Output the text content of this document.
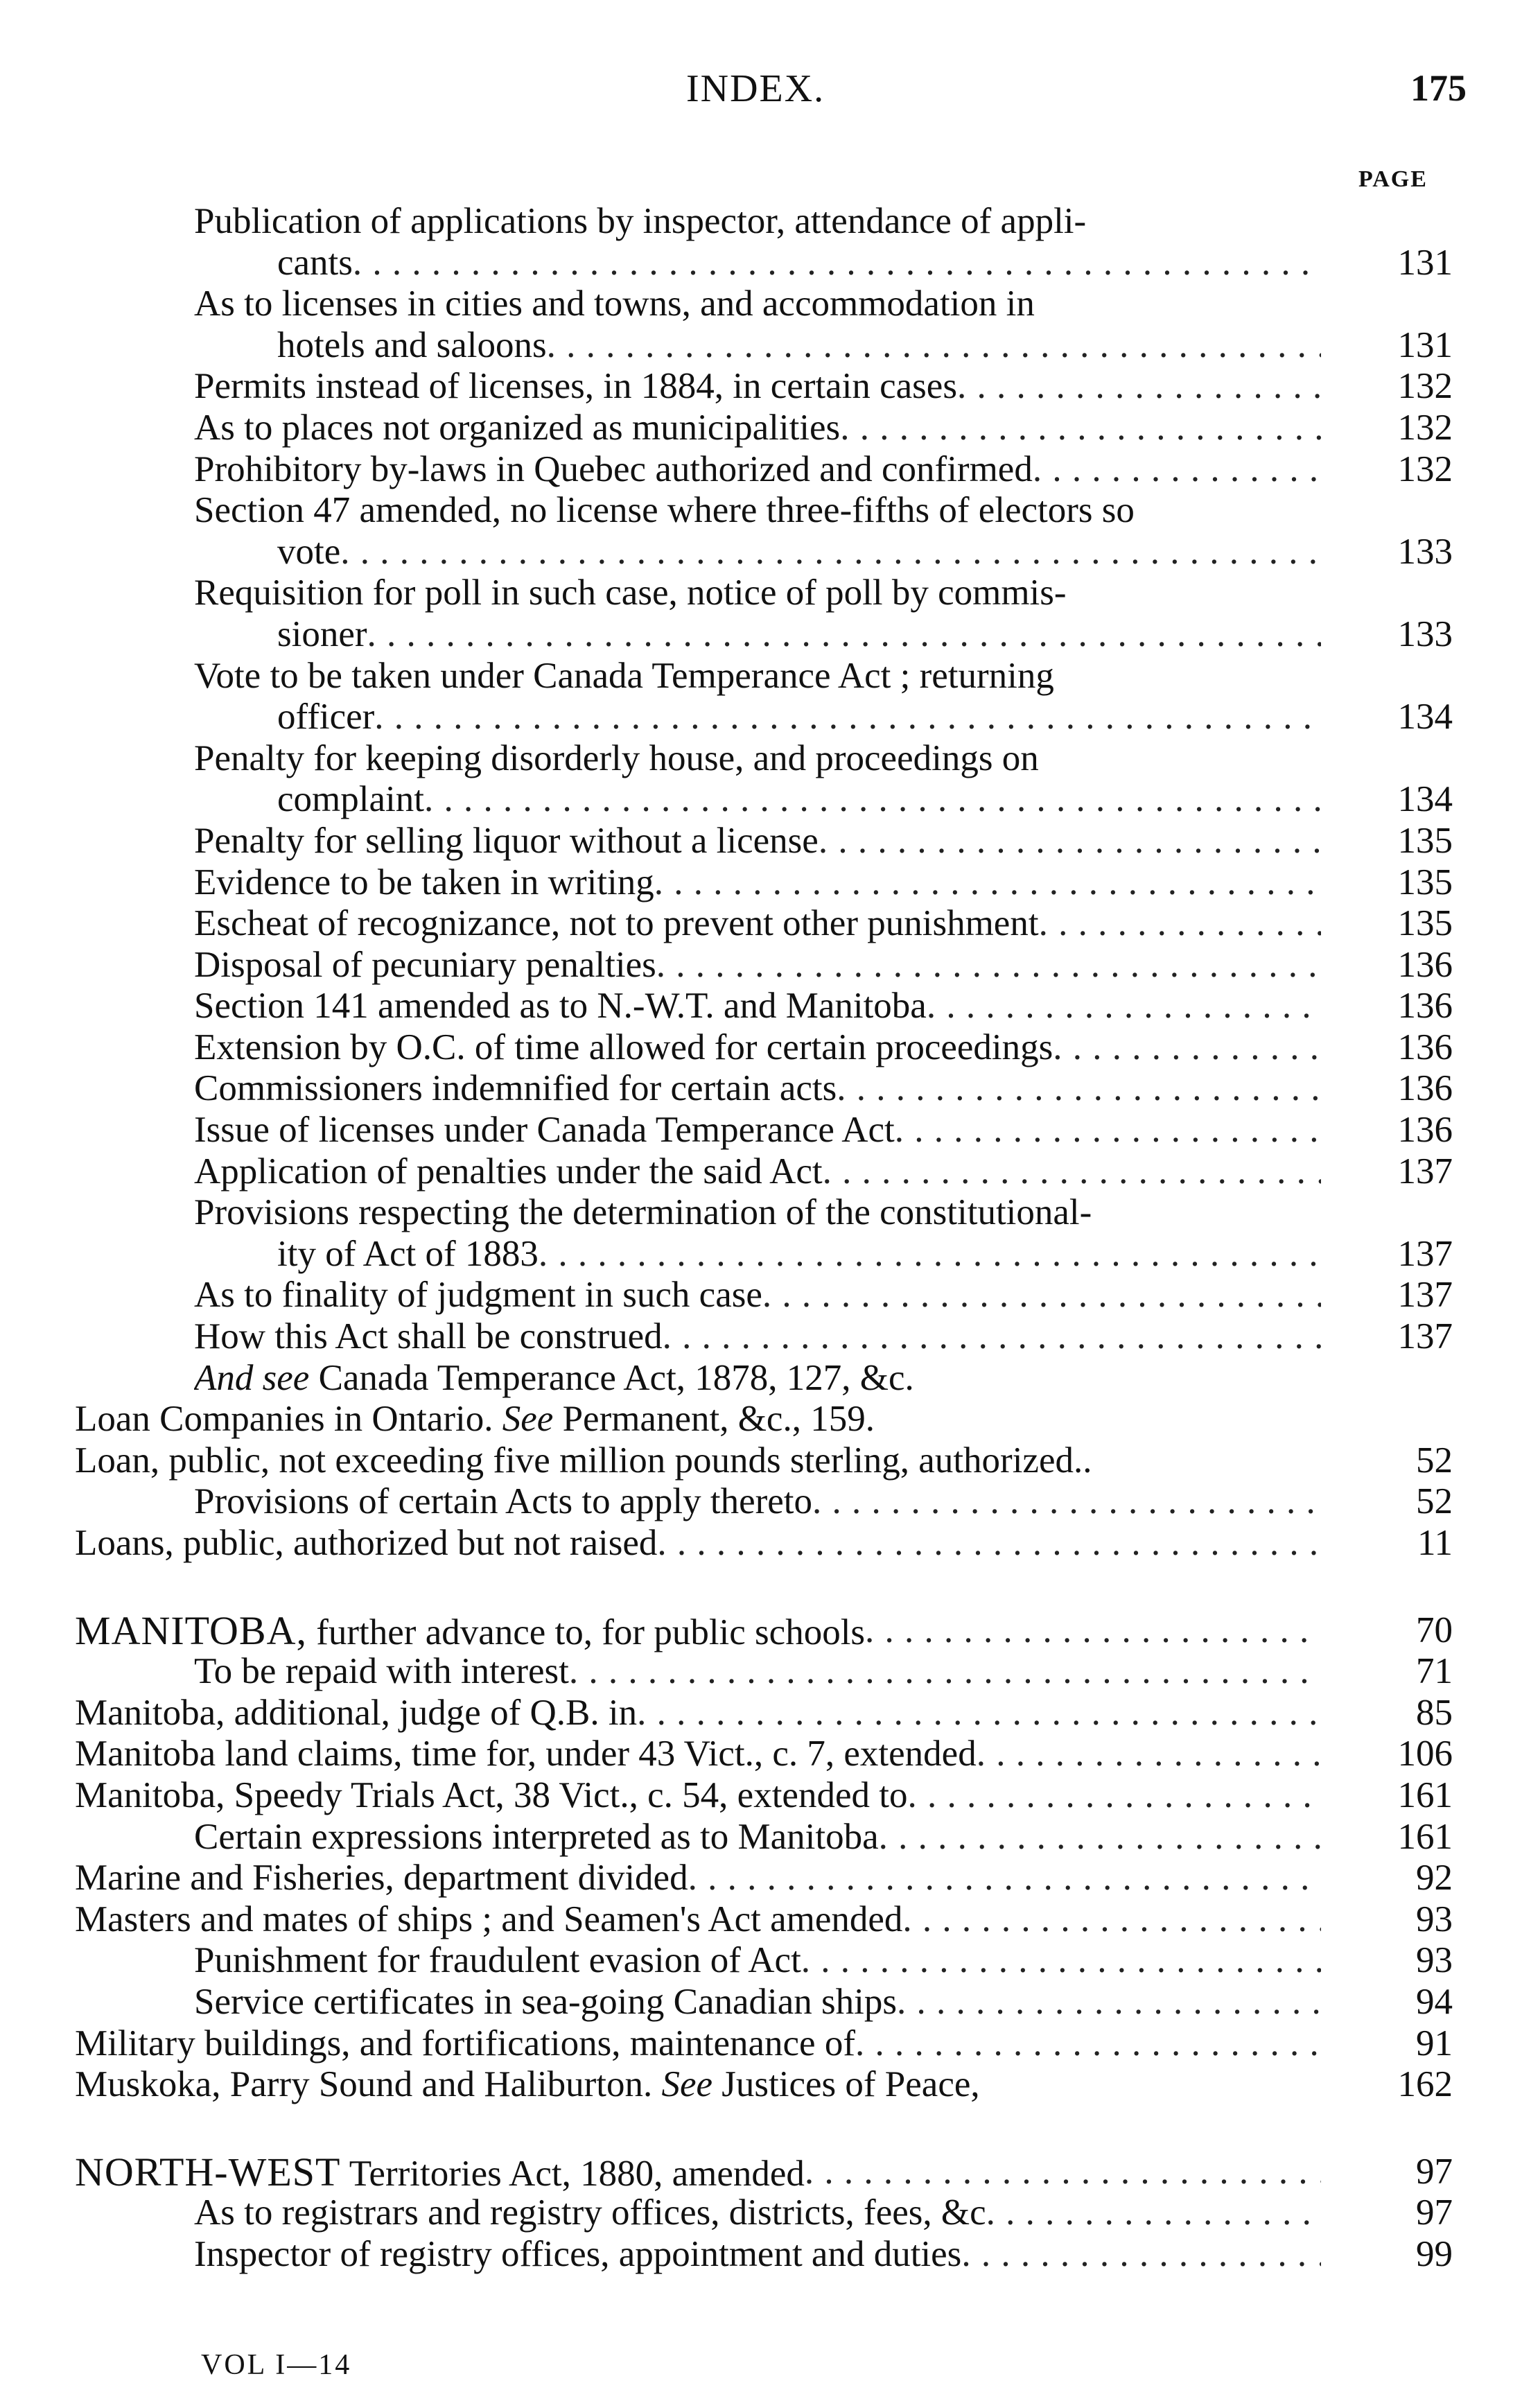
INDEX.	175
PAGE
Publication of applications by inspector, attendance of appli-
cants . . .	131
As to licenses in cities and towns, and accommodation in
hotels and saloons . . .	131
Permits instead of licenses, in 1884, in certain cases . . .	132
As to places not organized as municipalities . . .	132
Prohibitory by-laws in Quebec authorized and confirmed . . .	132
Section 47 amended, no license where three-fifths of electors so
vote . . .	133
Requisition for poll in such case, notice of poll by commis-
sioner . . .	133
Vote to be taken under Canada Temperance Act ; returning
officer . . .	134
Penalty for keeping disorderly house, and proceedings on
complaint . . .	134
Penalty for selling liquor without a license . . .	135
Evidence to be taken in writing . . .	135
Escheat of recognizance, not to prevent other punishment . . .	135
Disposal of pecuniary penalties . . .	136
Section 141 amended as to N.-W.T. and Manitoba . . .	136
Extension by O.C. of time allowed for certain proceedings . . .	136
Commissioners indemnified for certain acts . . .	136
Issue of licenses under Canada Temperance Act . . .	136
Application of penalties under the said Act . . .	137
Provisions respecting the determination of the constitutional-
ity of Act of 1883 . . .	137
As to finality of judgment in such case . . .	137
How this Act shall be construed . . .	137
And see Canada Temperance Act, 1878, 127, &c.
Loan Companies in Ontario. See Permanent, &c., 159.
Loan, public, not exceeding five million pounds sterling, authorized..	52
Provisions of certain Acts to apply thereto . . .	52
Loans, public, authorized but not raised . . .	11
MANITOBA, further advance to, for public schools . . .	70
To be repaid with interest . . .	71
Manitoba, additional, judge of Q.B. in . . .	85
Manitoba land claims, time for, under 43 Vict., c. 7, extended . . .	106
Manitoba, Speedy Trials Act, 38 Vict., c. 54, extended to . . .	161
Certain expressions interpreted as to Manitoba . . .	161
Marine and Fisheries, department divided . . .	92
Masters and mates of ships ; and Seamen's Act amended . . .	93
Punishment for fraudulent evasion of Act . . .	93
Service certificates in sea-going Canadian ships . . .	94
Military buildings, and fortifications, maintenance of . . .	91
Muskoka, Parry Sound and Haliburton. See Justices of Peace,	162
NORTH-WEST Territories Act, 1880, amended . . .	97
As to registrars and registry offices, districts, fees, &c . . .	97
Inspector of registry offices, appointment and duties . . .	99
VOL I—14
